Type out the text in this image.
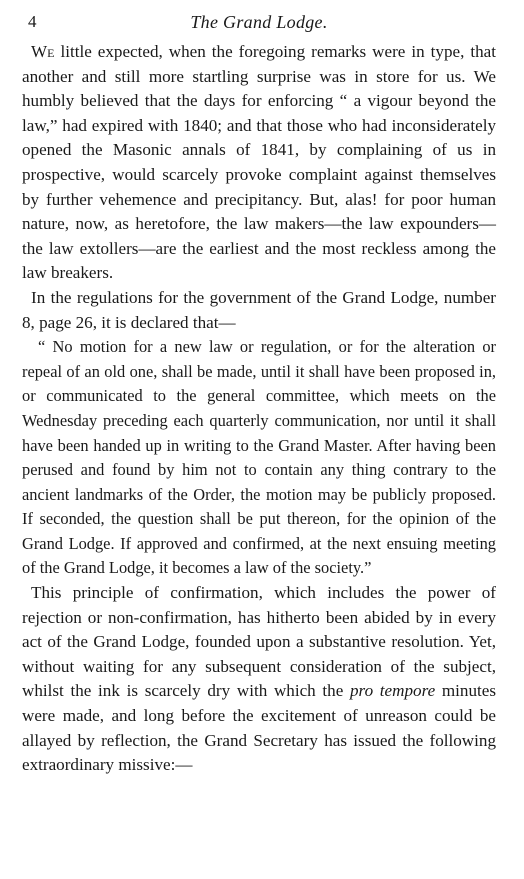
4	The Grand Lodge.

We little expected, when the foregoing remarks were in type, that another and still more startling surprise was in store for us. We humbly believed that the days for enforcing “ a vigour beyond the law,” had expired with 1840; and that those who had inconsiderately opened the Masonic annals of 1841, by complaining of us in prospective, would scarcely provoke complaint against themselves by further vehemence and precipitancy. But, alas! for poor human nature, now, as heretofore, the law makers—the law expounders—the law extollers—are the earliest and the most reckless among the law breakers.

In the regulations for the government of the Grand Lodge, number 8, page 26, it is declared that—

“ No motion for a new law or regulation, or for the alteration or repeal of an old one, shall be made, until it shall have been proposed in, or communicated to the general committee, which meets on the Wednesday preceding each quarterly communication, nor until it shall have been handed up in writing to the Grand Master. After having been perused and found by him not to contain any thing contrary to the ancient landmarks of the Order, the motion may be publicly proposed. If seconded, the question shall be put thereon, for the opinion of the Grand Lodge. If approved and confirmed, at the next ensuing meeting of the Grand Lodge, it becomes a law of the society.”

This principle of confirmation, which includes the power of rejection or non-confirmation, has hitherto been abided by in every act of the Grand Lodge, founded upon a substantive resolution. Yet, without waiting for any subsequent consideration of the subject, whilst the ink is scarcely dry with which the pro tempore minutes were made, and long before the excitement of unreason could be allayed by reflection, the Grand Secretary has issued the following extraordinary missive:—
